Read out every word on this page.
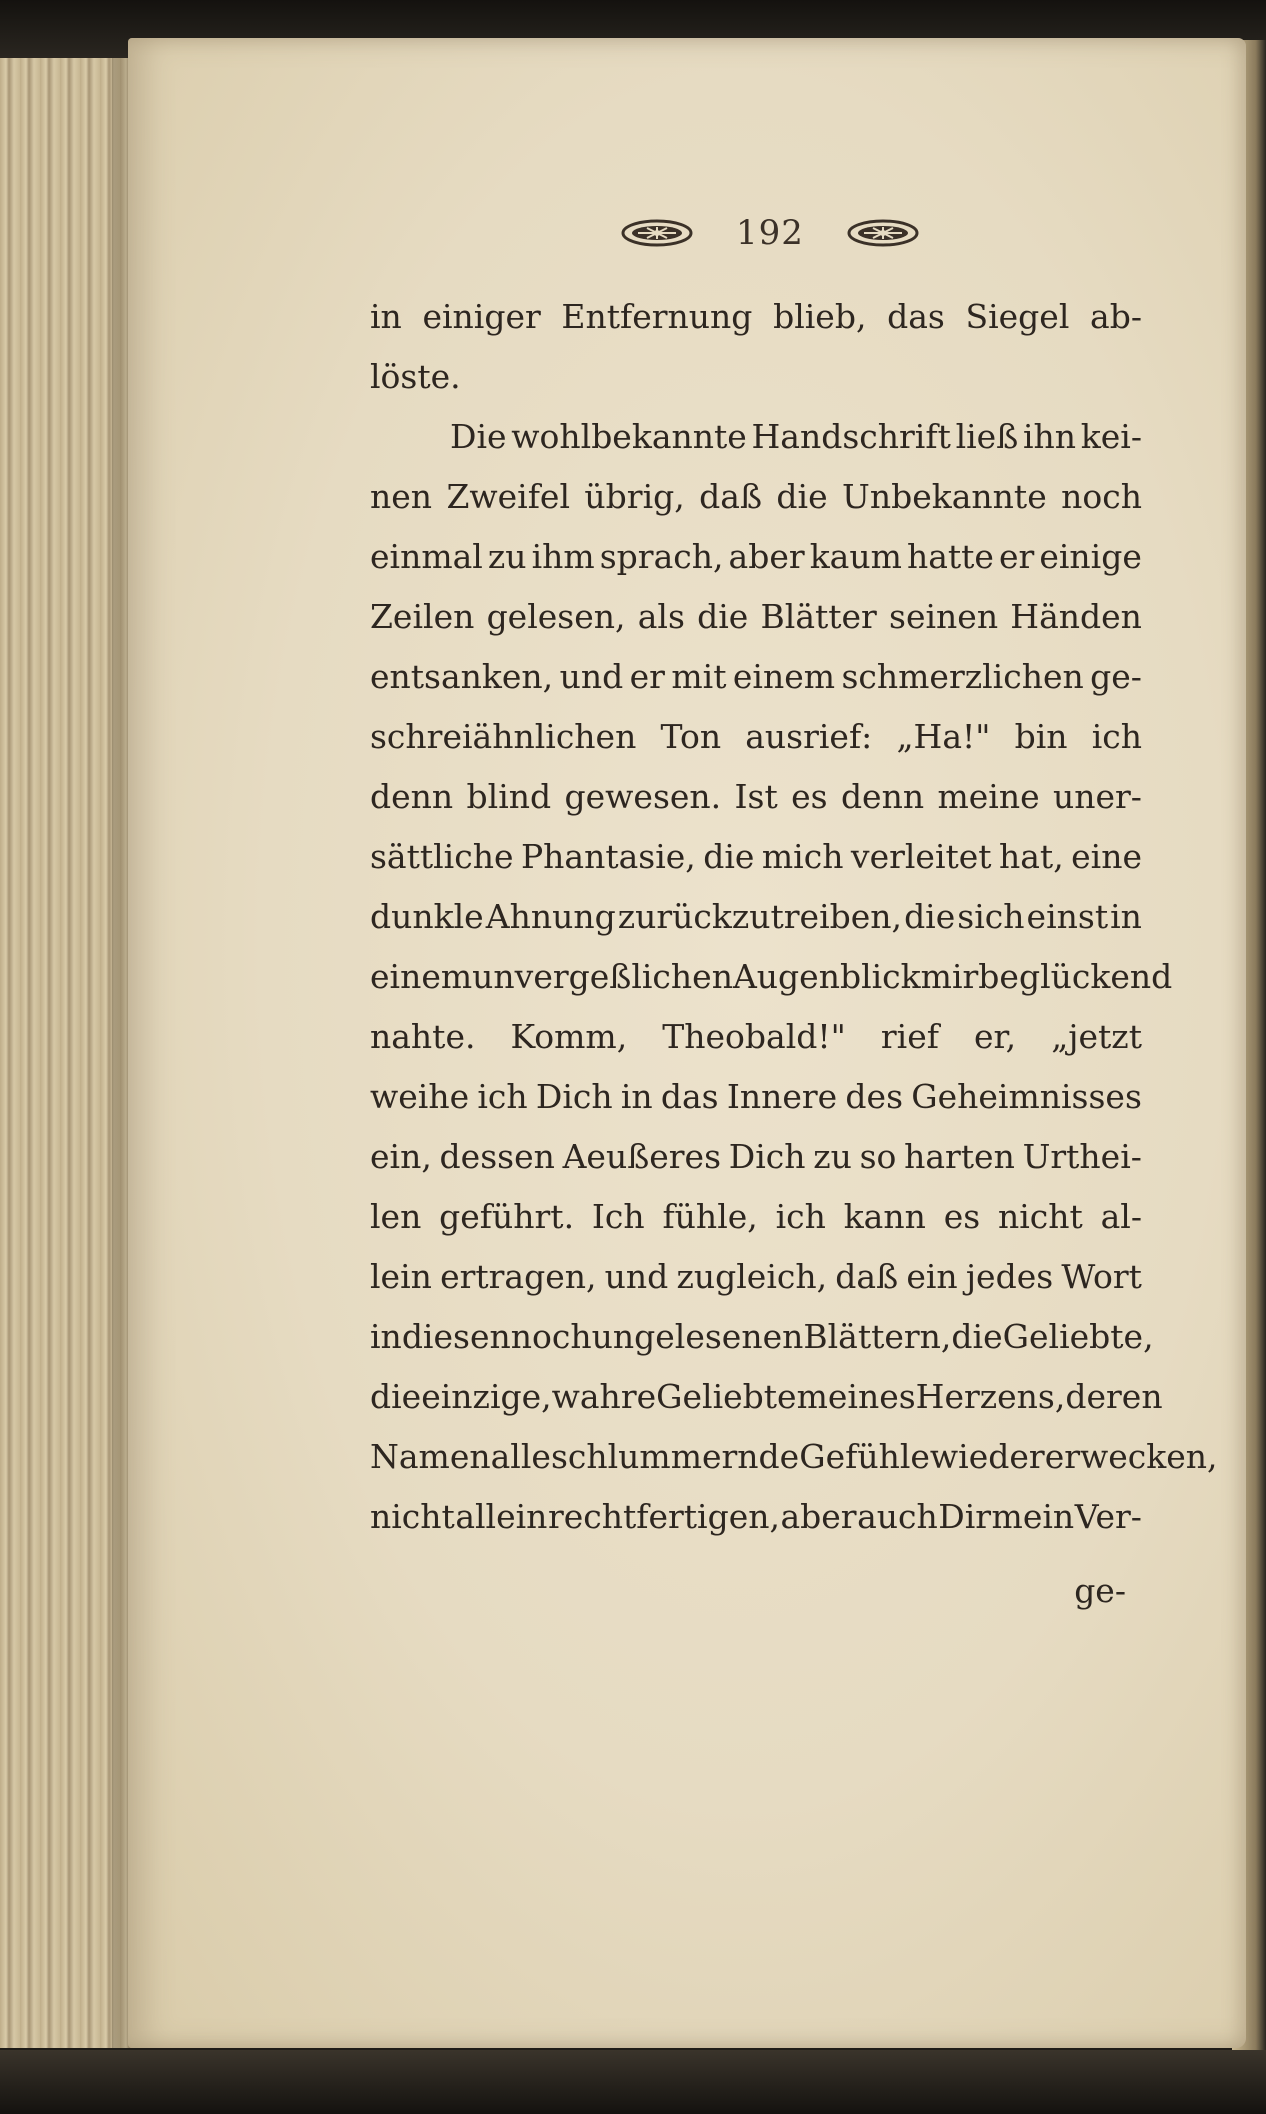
192
in einiger Entfernung blieb, das Siegel ab-
löste.
Die wohlbekannte Handschrift ließ ihn kei-
nen Zweifel übrig, daß die Unbekannte noch
einmal zu ihm sprach, aber kaum hatte er einige
Zeilen gelesen, als die Blätter seinen Händen
entsanken, und er mit einem schmerzlichen ge-
schreiähnlichen Ton ausrief: „Ha!" bin ich
denn blind gewesen. Ist es denn meine uner-
sättliche Phantasie, die mich verleitet hat, eine
dunkle Ahnung zurückzutreiben, die sich einst in
einem unvergeßlichen Augenblick mir beglückend
nahte. Komm, Theobald!" rief er, „jetzt
weihe ich Dich in das Innere des Geheimnisses
ein, dessen Aeußeres Dich zu so harten Urthei-
len geführt. Ich fühle, ich kann es nicht al-
lein ertragen, und zugleich, daß ein jedes Wort
in diesen noch ungelesenen Blättern, die Geliebte,
die einzige, wahre Geliebte meines Herzens, deren
Namen alle schlummernde Gefühle wieder erwecken,
nicht allein rechtfertigen, aber auch Dir mein Ver-
ge-
